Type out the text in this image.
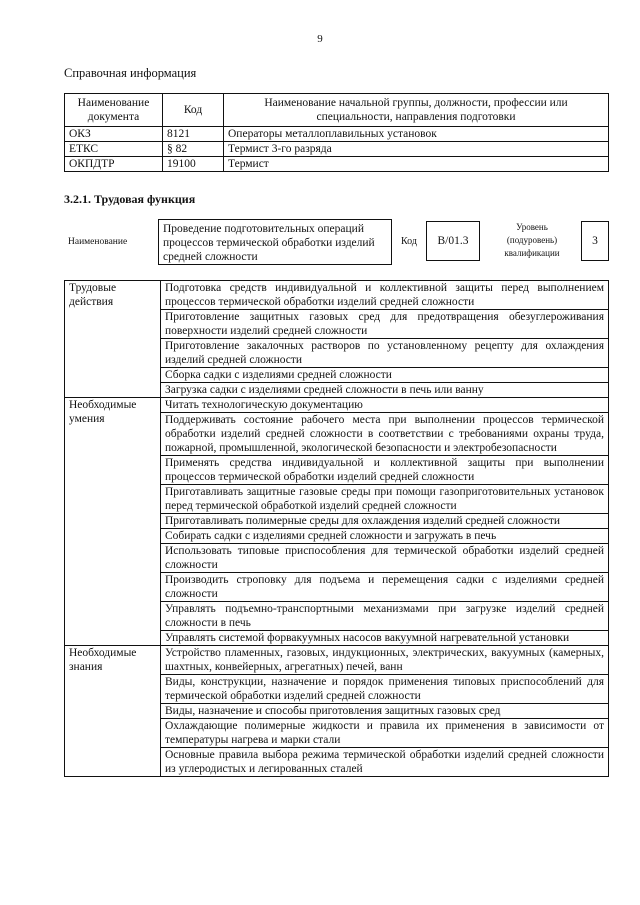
9
Справочная информация
Наименование документа	Код	Наименование начальной группы, должности, профессии или специальности, направления подготовки
ОКЗ	8121	Операторы металлоплавильных установок
ЕТКС	§ 82	Термист 3-го разряда
ОКПДТР	19100	Термист
3.2.1. Трудовая функция
Наименование
Проведение подготовительных операций процессов термической обработки изделий средней сложности
Код	B/01.3
Уровень (подуровень) квалификации
3
Трудовые действия	Подготовка средств индивидуальной и коллективной защиты перед выполнением процессов термической обработки изделий средней сложности
	Приготовление защитных газовых сред для предотвращения обезуглероживания поверхности изделий средней сложности
	Приготовление закалочных растворов по установленному рецепту для охлаждения изделий средней сложности
	Сборка садки с изделиями средней сложности
	Загрузка садки с изделиями средней сложности в печь или ванну
Необходимые умения	Читать технологическую документацию
	Поддерживать состояние рабочего места при выполнении процессов термической обработки изделий средней сложности в соответствии с требованиями охраны труда, пожарной, промышленной, экологической безопасности и электробезопасности
	Применять средства индивидуальной и коллективной защиты при выполнении процессов термической обработки изделий средней сложности
	Приготавливать защитные газовые среды при помощи газоприготовительных установок перед термической обработкой изделий средней сложности
	Приготавливать полимерные среды для охлаждения изделий средней сложности
	Собирать садки с изделиями средней сложности и загружать в печь
	Использовать типовые приспособления для термической обработки изделий средней сложности
	Производить строповку для подъема и перемещения садки с изделиями средней сложности
	Управлять подъемно-транспортными механизмами при загрузке изделий средней сложности в печь
	Управлять системой форвакуумных насосов вакуумной нагревательной установки
Необходимые знания	Устройство пламенных, газовых, индукционных, электрических, вакуумных (камерных, шахтных, конвейерных, агрегатных) печей, ванн
	Виды, конструкции, назначение и порядок применения типовых приспособлений для термической обработки изделий средней сложности
	Виды, назначение и способы приготовления защитных газовых сред
	Охлаждающие полимерные жидкости и правила их применения в зависимости от температуры нагрева и марки стали
	Основные правила выбора режима термической обработки изделий средней сложности из углеродистых и легированных сталей
